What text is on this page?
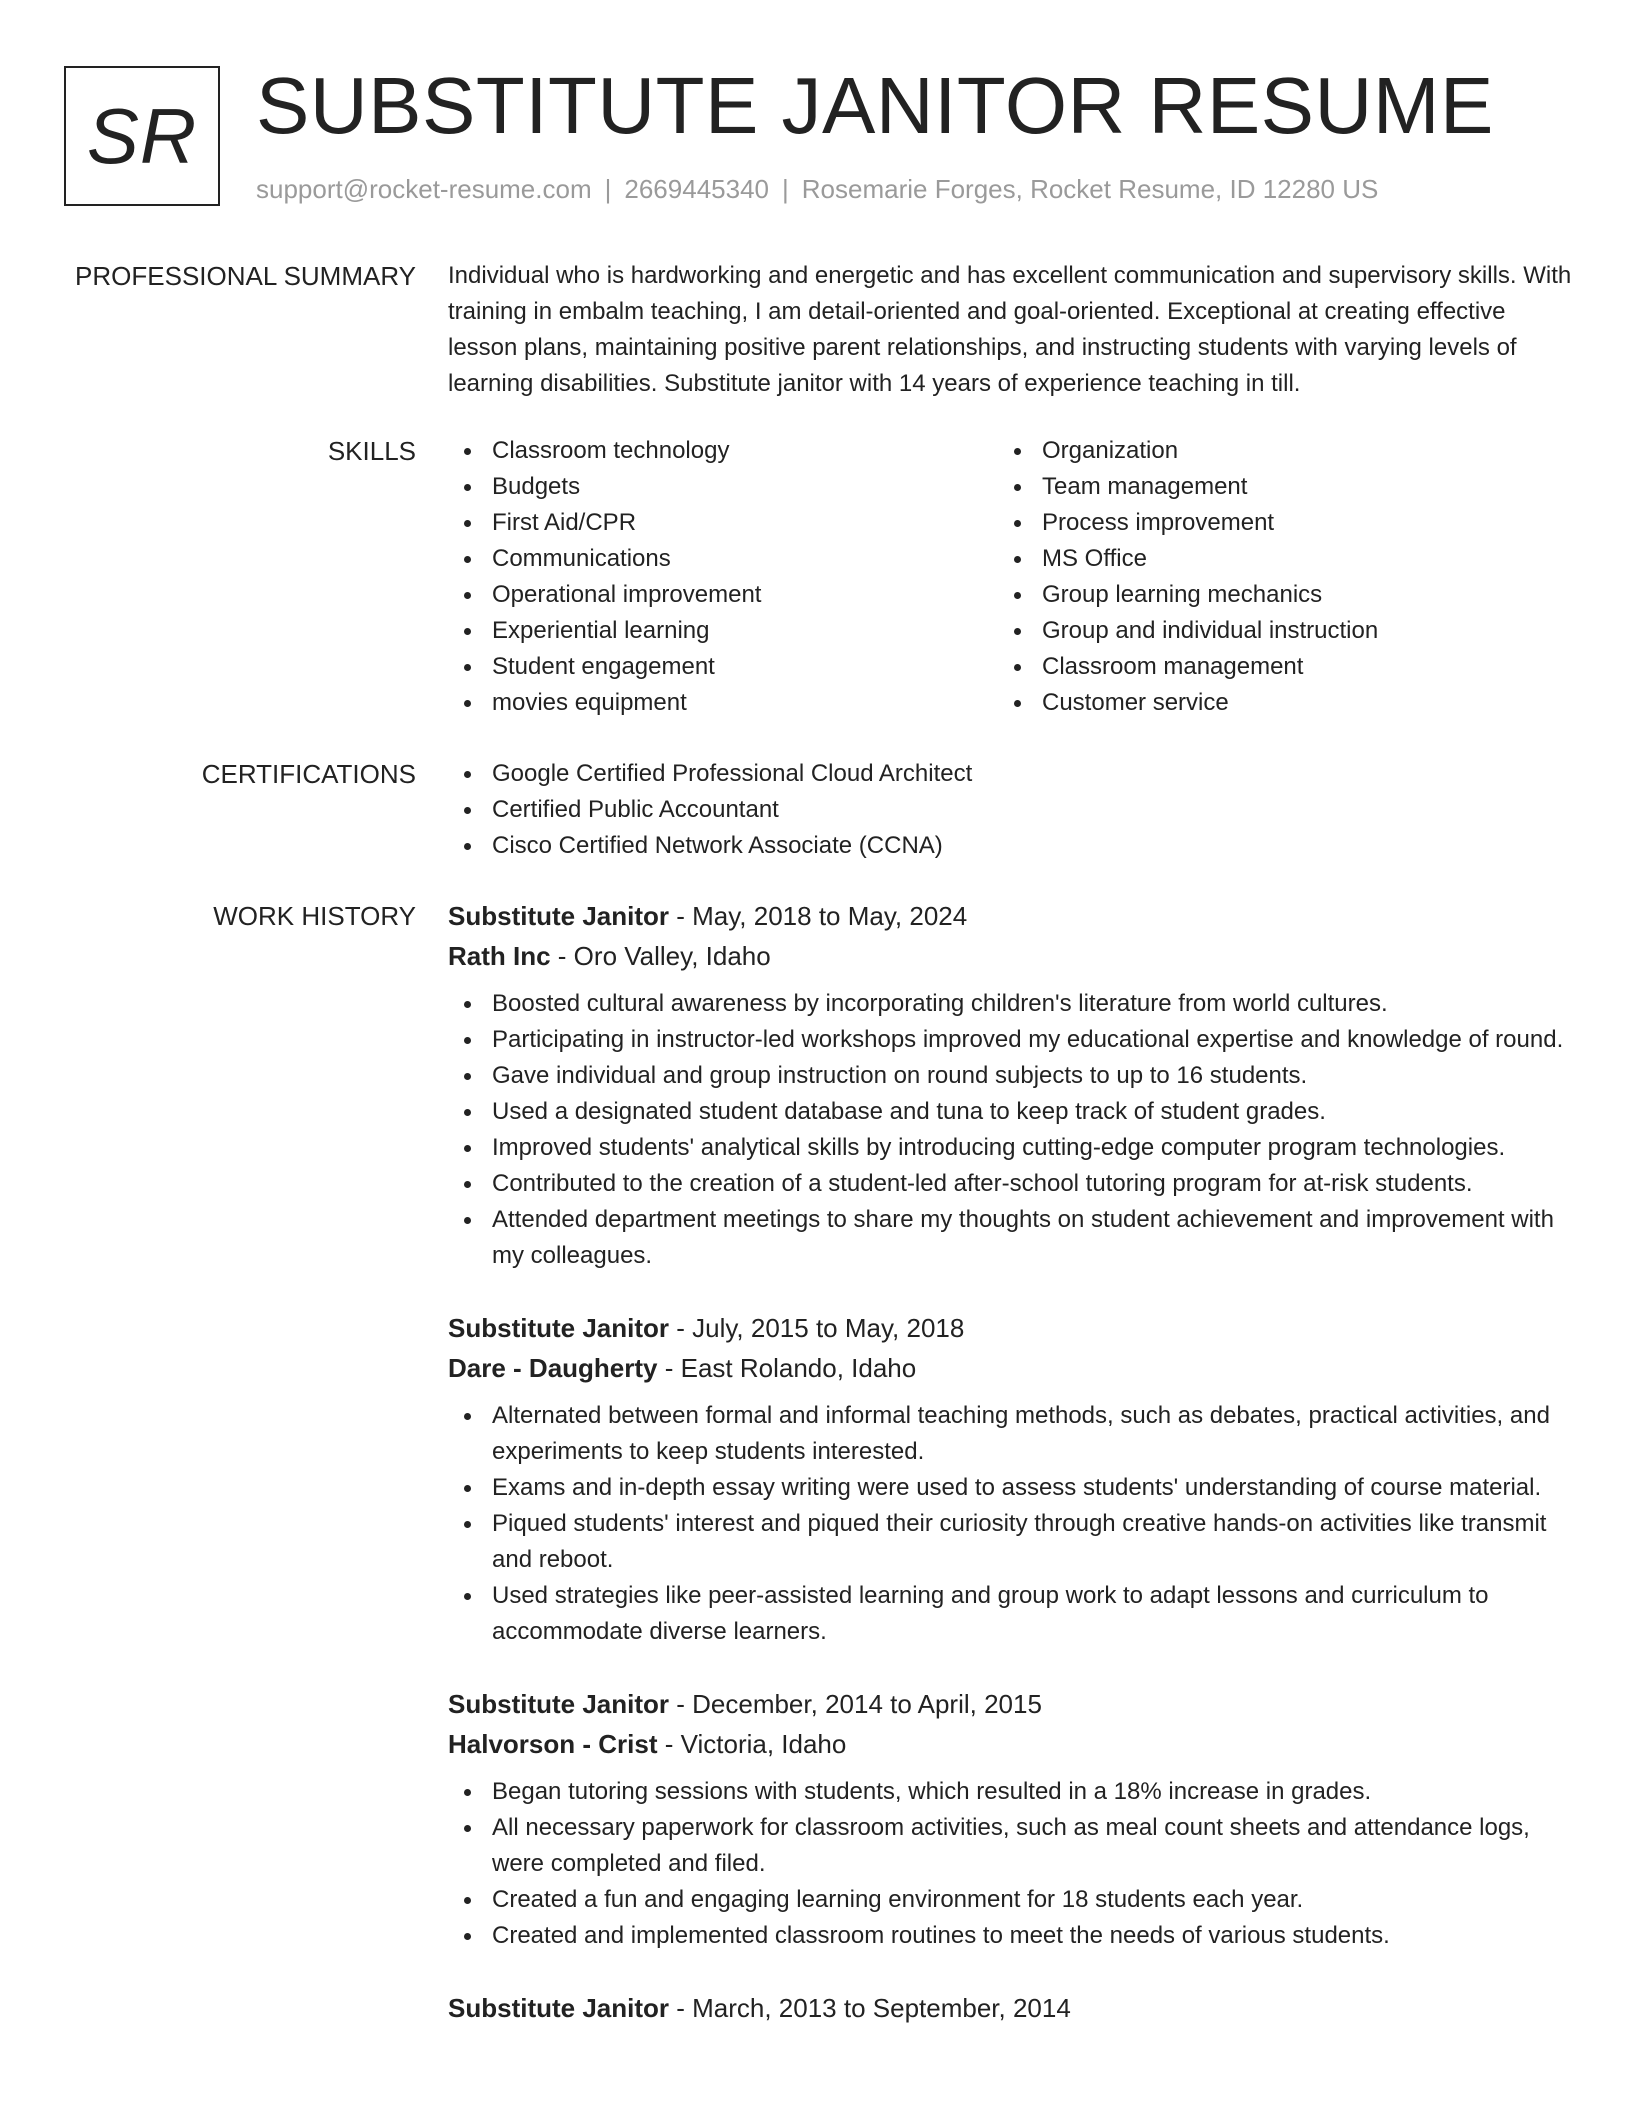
SR SUBSTITUTE JANITOR RESUME
support@rocket-resume.com | 2669445340 | Rosemarie Forges, Rocket Resume, ID 12280 US
PROFESSIONAL SUMMARY Individual who is hardworking and energetic and has excellent communication and supervisory skills. With training in embalm teaching, I am detail-oriented and goal-oriented. Exceptional at creating effective lesson plans, maintaining positive parent relationships, and instructing students with varying levels of learning disabilities. Substitute janitor with 14 years of experience teaching in till.

SKILLS	Classroom technology
Budgets
First Aid/CPR
Communications
Operational improvement
Experiential learning
Student engagement
movies equipment
Organization
Team management
Process improvement
MS Office
Group learning mechanics
Group and individual instruction
Classroom management
Customer service
CERTIFICATIONS	Google Certified Professional Cloud Architect
Certified Public Accountant
Cisco Certified Network Associate (CCNA)
WORK HISTORY Substitute Janitor - May, 2018 to May, 2024
Rath Inc - Oro Valley, Idaho
Boosted cultural awareness by incorporating children's literature from world cultures.
Participating in instructor-led workshops improved my educational expertise and knowledge of round.
Gave individual and group instruction on round subjects to up to 16 students.
Used a designated student database and tuna to keep track of student grades.
Improved students' analytical skills by introducing cutting-edge computer program technologies.
Contributed to the creation of a student-led after-school tutoring program for at-risk students.
Attended department meetings to share my thoughts on student achievement and improvement with my colleagues.
Substitute Janitor - July, 2015 to May, 2018
Dare - Daugherty - East Rolando, Idaho
Alternated between formal and informal teaching methods, such as debates, practical activities, and experiments to keep students interested.
Exams and in-depth essay writing were used to assess students' understanding of course material.
Piqued students' interest and piqued their curiosity through creative hands-on activities like transmit and reboot.
Used strategies like peer-assisted learning and group work to adapt lessons and curriculum to accommodate diverse learners.
Substitute Janitor - December, 2014 to April, 2015
Halvorson - Crist - Victoria, Idaho
Began tutoring sessions with students, which resulted in a 18% increase in grades.
All necessary paperwork for classroom activities, such as meal count sheets and attendance logs, were completed and filed.
Created a fun and engaging learning environment for 18 students each year.
Created and implemented classroom routines to meet the needs of various students.
Substitute Janitor - March, 2013 to September, 2014
